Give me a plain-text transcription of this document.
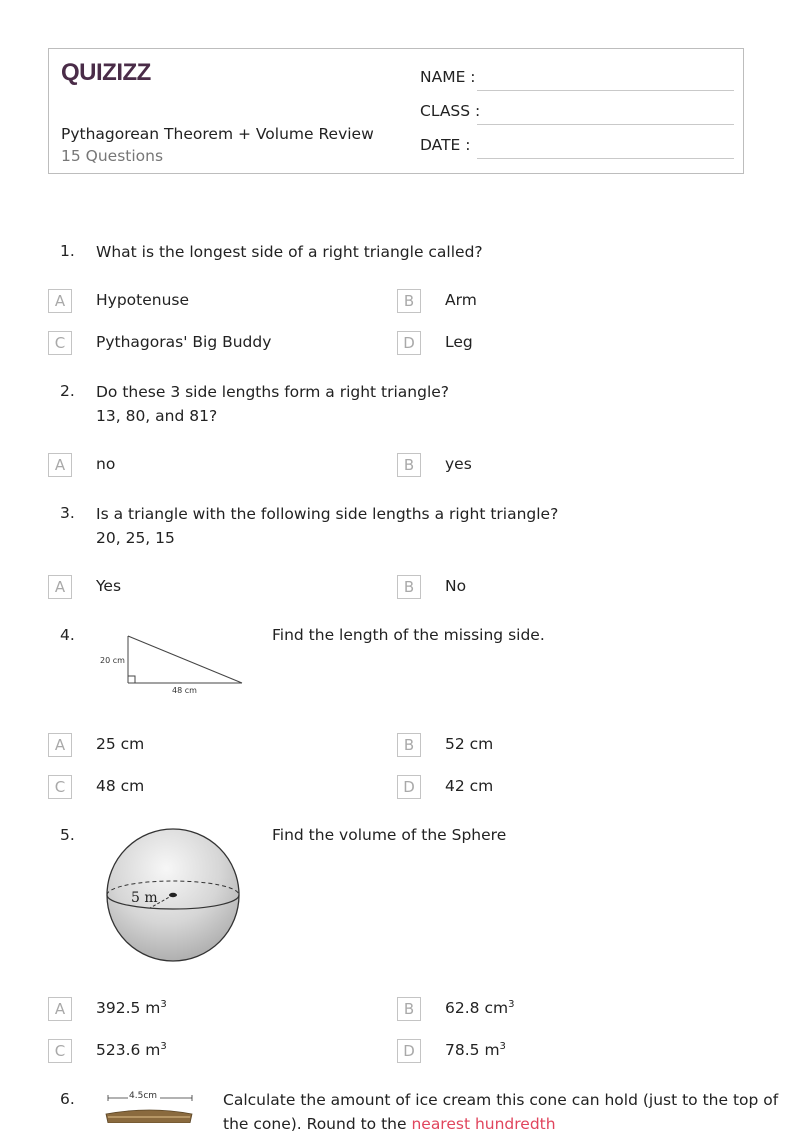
QUIZIZZ
Pythagorean Theorem + Volume Review
15 Questions
NAME :
CLASS :
DATE :
1. What is the longest side of a right triangle called?
A	Hypotenuse	B	Arm
C	Pythagoras' Big Buddy	D	Leg
2. Do these 3 side lengths form a right triangle?
13, 80, and 81?
A	no	B	yes
3. Is a triangle with the following side lengths a right triangle?
20, 25, 15
A	Yes	B	No
4.
20 cm
48 cm
Find the length of the missing side.
A	25 cm	B	52 cm
C	48 cm	D	42 cm
5.
5 m
Find the volume of the Sphere
A	392.5 $m^3$	B	62.8 $cm^3$
C	523.6 $m^3$	D	78.5 $m^3$
6.	4.5cm	Calculate the amount of ice cream this cone can hold (just to the top of
the cone). Round to the nearest hundredth
